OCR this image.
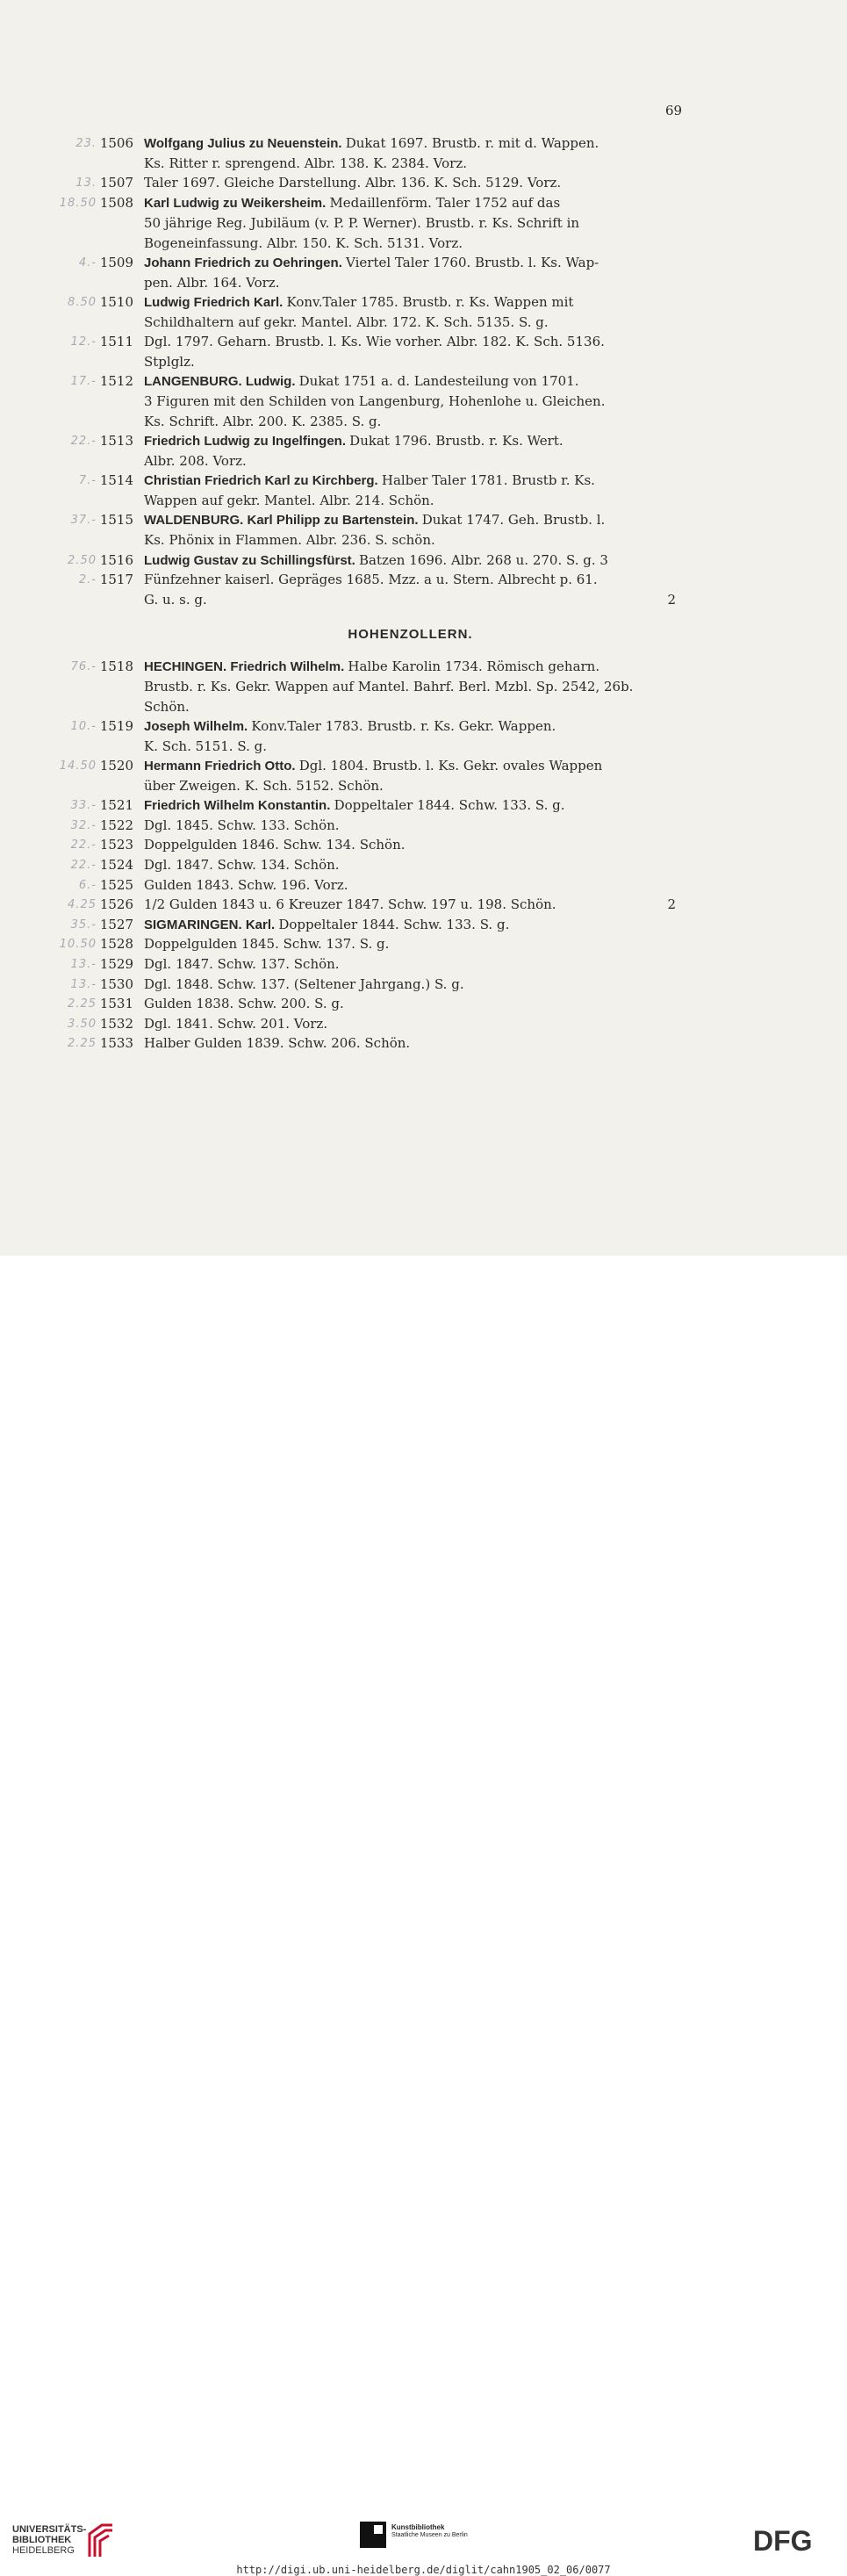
69
23. 1506 Wolfgang Julius zu Neuenstein. Dukat 1697. Brustb. r. mit d. Wappen.
Ks. Ritter r. sprengend. Albr. 138. K. 2384. Vorz.
13. 1507 Taler 1697. Gleiche Darstellung. Albr. 136. K. Sch. 5129. Vorz.
18.50 1508 Karl Ludwig zu Weikersheim. Medaillenförm. Taler 1752 auf das
50 jährige Reg. Jubiläum (v. P. P. Werner). Brustb. r. Ks. Schrift in
Bogeneinfassung. Albr. 150. K. Sch. 5131. Vorz.
4.- 1509 Johann Friedrich zu Oehringen. Viertel Taler 1760. Brustb. l. Ks. Wap-
pen. Albr. 164. Vorz.
8.50 1510 Ludwig Friedrich Karl. Konv.Taler 1785. Brustb. r. Ks. Wappen mit
Schildhaltern auf gekr. Mantel. Albr. 172. K. Sch. 5135. S. g.
12.- 1511 Dgl. 1797. Geharn. Brustb. l. Ks. Wie vorher. Albr. 182. K. Sch. 5136.
Stplglz.
17.- 1512 LANGENBURG. Ludwig. Dukat 1751 a. d. Landesteilung von 1701.
3 Figuren mit den Schilden von Langenburg, Hohenlohe u. Gleichen.
Ks. Schrift. Albr. 200. K. 2385. S. g.
22.- 1513 Friedrich Ludwig zu Ingelfingen. Dukat 1796. Brustb. r. Ks. Wert.
Albr. 208. Vorz.
7.- 1514 Christian Friedrich Karl zu Kirchberg. Halber Taler 1781. Brustb r. Ks.
Wappen auf gekr. Mantel. Albr. 214. Schön.
37.- 1515 WALDENBURG. Karl Philipp zu Bartenstein. Dukat 1747. Geh. Brustb. l.
Ks. Phönix in Flammen. Albr. 236. S. schön.
2.50 1516 Ludwig Gustav zu Schillingsfürst. Batzen 1696. Albr. 268 u. 270. S. g. 3
2.- 1517 Fünfzehner kaiserl. Gepräges 1685. Mzz. a u. Stern. Albrecht p. 61.
G. u. s. g.	2
HOHENZOLLERN.
76.- 1518 HECHINGEN. Friedrich Wilhelm. Halbe Karolin 1734. Römisch geharn.
Brustb. r. Ks. Gekr. Wappen auf Mantel. Bahrf. Berl. Mzbl. Sp. 2542, 26b.
Schön.
10.- 1519 Joseph Wilhelm. Konv.Taler 1783. Brustb. r. Ks. Gekr. Wappen.
K. Sch. 5151. S. g.
14.50 1520 Hermann Friedrich Otto. Dgl. 1804. Brustb. l. Ks. Gekr. ovales Wappen
über Zweigen. K. Sch. 5152. Schön.
33.- 1521 Friedrich Wilhelm Konstantin. Doppeltaler 1844. Schw. 133. S. g.
32.- 1522 Dgl. 1845. Schw. 133. Schön.
22.- 1523 Doppelgulden 1846. Schw. 134. Schön.
22.- 1524 Dgl. 1847. Schw. 134. Schön.
6.- 1525 Gulden 1843. Schw. 196. Vorz.
4.25 1526 1/2 Gulden 1843 u. 6 Kreuzer 1847. Schw. 197 u. 198. Schön.	2
35.- 1527 SIGMARINGEN. Karl. Doppeltaler 1844. Schw. 133. S. g.
10.50 1528 Doppelgulden 1845. Schw. 137. S. g.
13.- 1529 Dgl. 1847. Schw. 137. Schön.
13.- 1530 Dgl. 1848. Schw. 137. (Seltener Jahrgang.) S. g.
2.25 1531 Gulden 1838. Schw. 200. S. g.
3.50 1532 Dgl. 1841. Schw. 201. Vorz.
2.25 1533 Halber Gulden 1839. Schw. 206. Schön.
UNIVERSITÄTS-
BIBLIOTHEK
HEIDELBERG
Kunstbibliothek
Staatliche Museen zu Berlin	DFG
http://digi.ub.uni-heidelberg.de/diglit/cahn1905_02_06/0077
